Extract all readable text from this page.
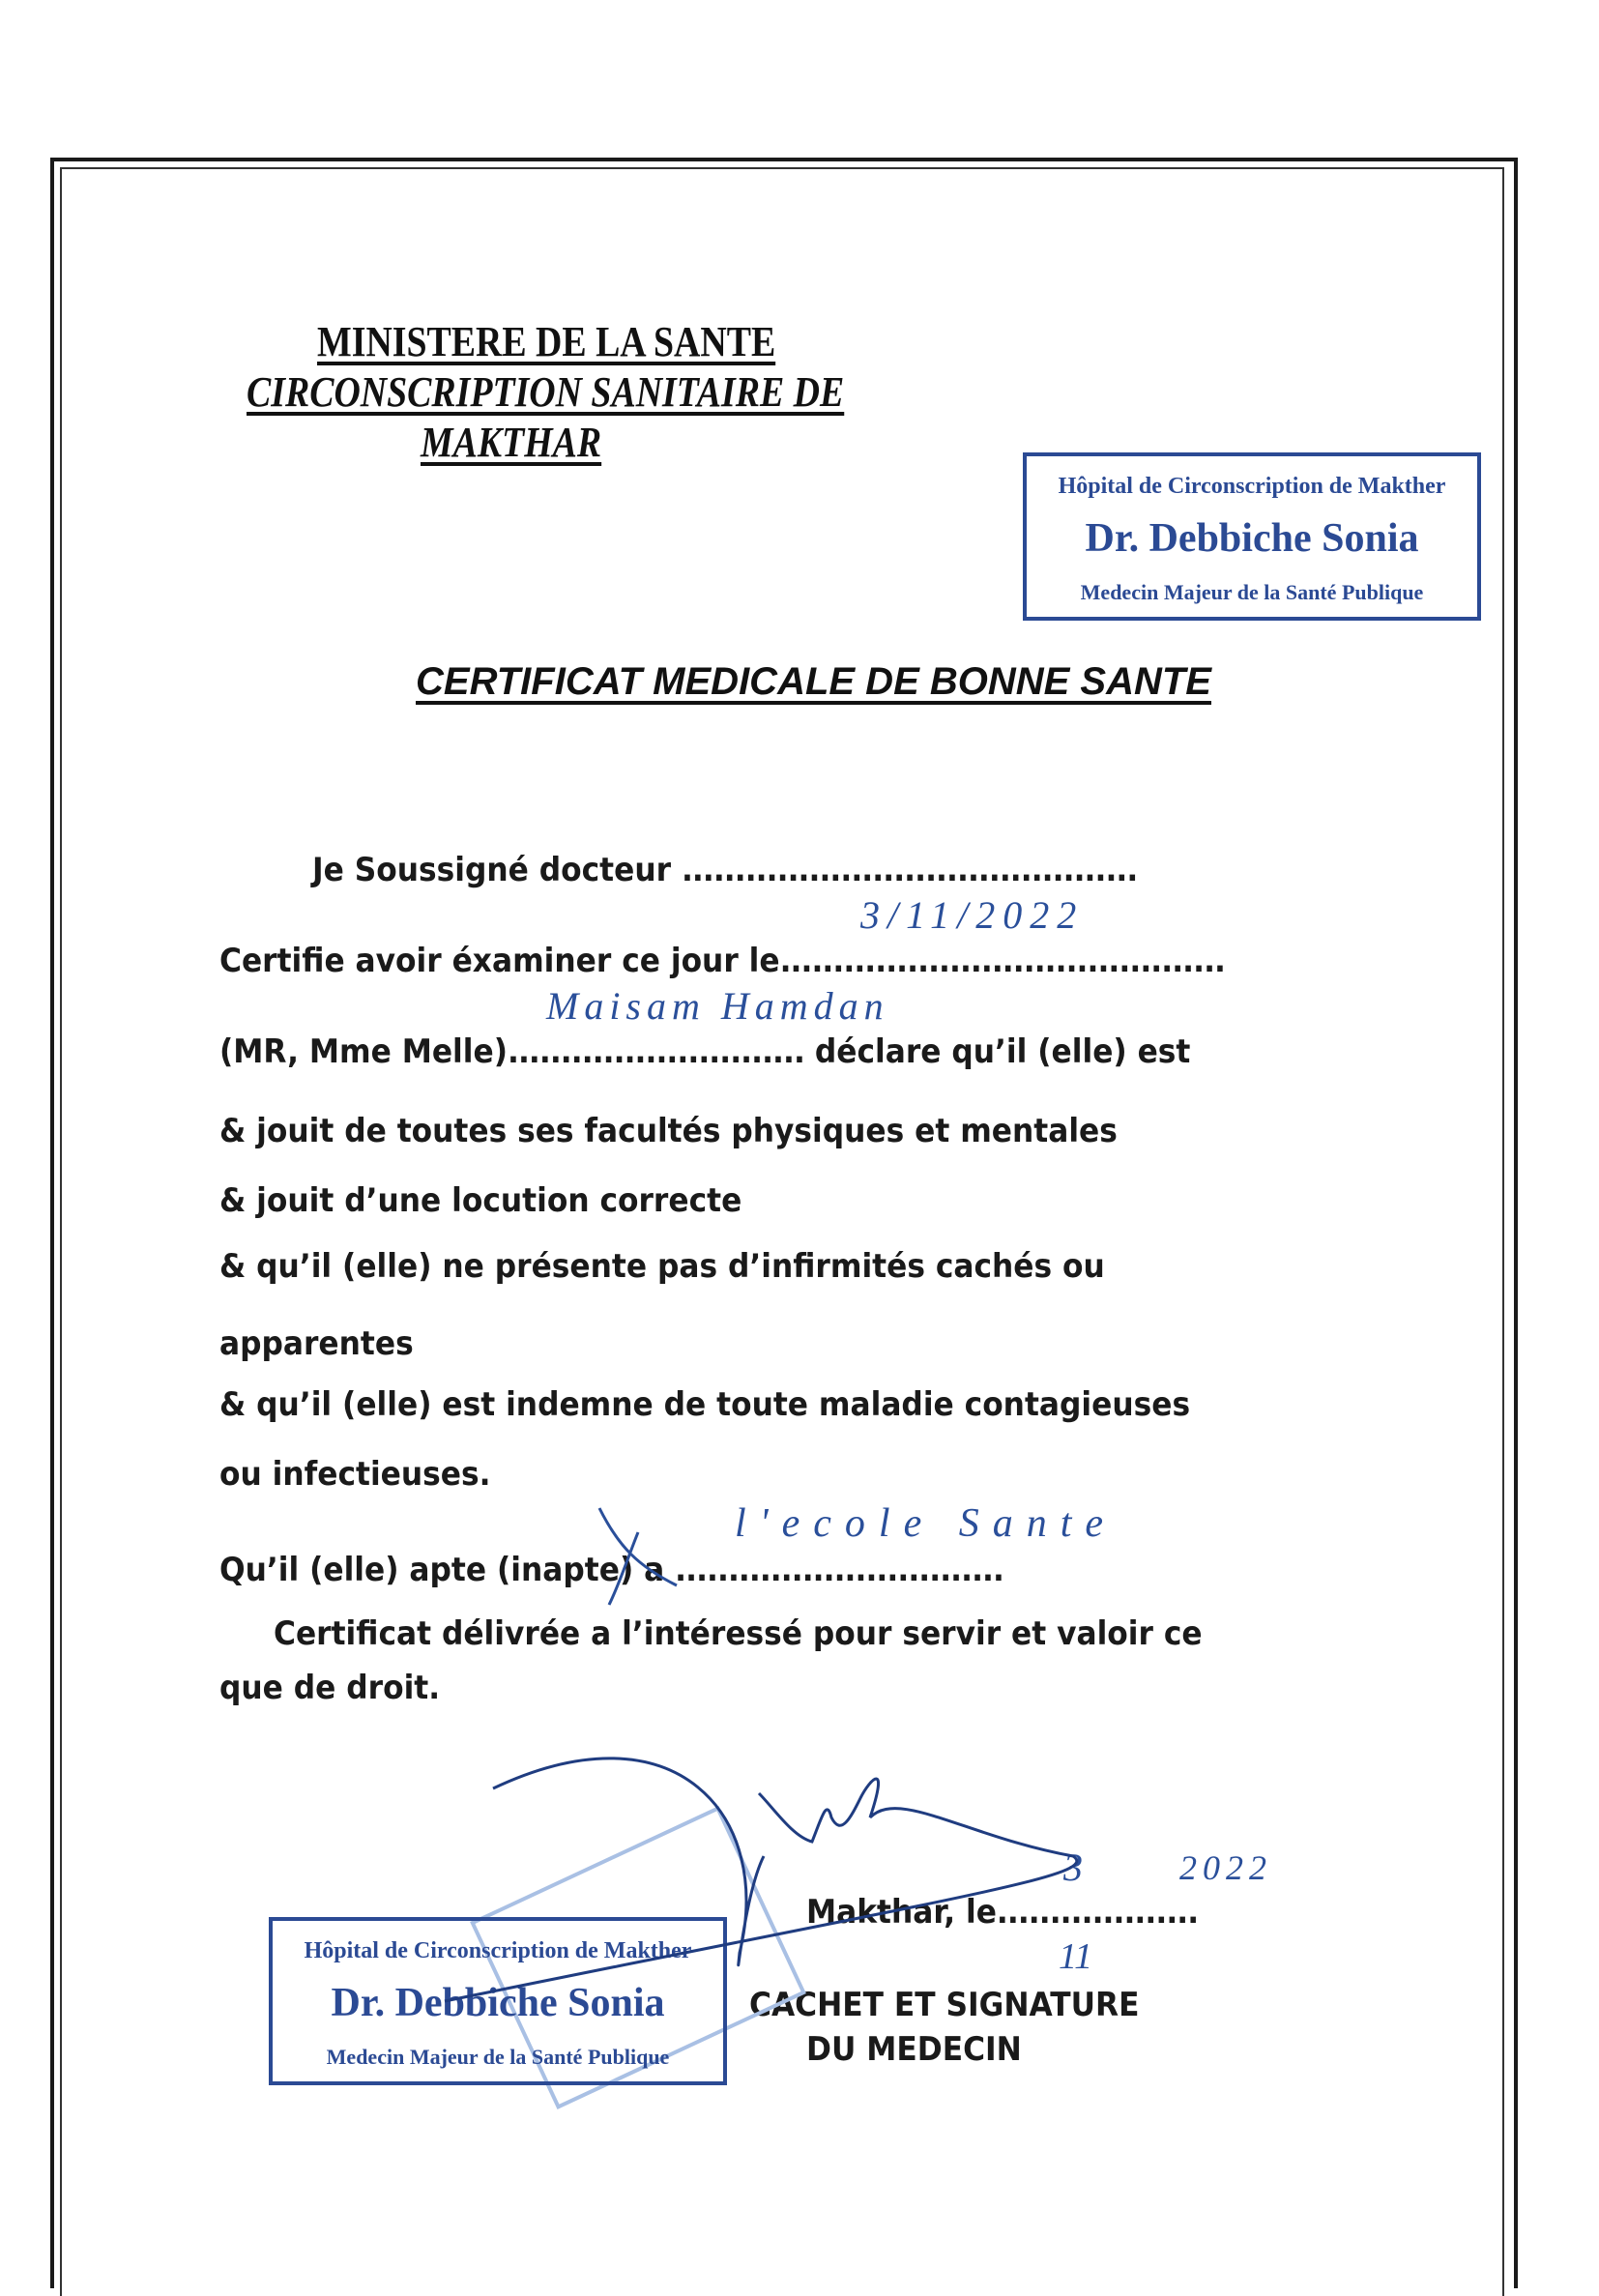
MINISTERE DE LA SANTE
CIRCONSCRIPTION SANITAIRE DE
MAKTHAR
CERTIFICAT MEDICALE DE BONNE SANTE
Je Soussigné docteur ...........................................
Certifie avoir éxaminer ce jour le..........................................
(MR, Mme Melle)............................ déclare qu’il (elle) est
& jouit de toutes ses facultés physiques et mentales
& jouit d’une locution correcte
& qu’il (elle) ne présente pas d’infirmités cachés ou
apparentes
& qu’il (elle) est indemne de toute maladie contagieuses
ou infectieuses.
Qu’il (elle) apte (inapte) a ...............................
Certificat délivrée a l’intéressé pour servir et valoir ce
que de droit.
Makthar, le...................
CACHET ET SIGNATURE
DU MEDECIN
3/11/2022
Maisam Hamdan
l'ecole Sante
3
11
2022
Hôpital de Circonscription de Makther
Dr. Debbiche Sonia
Medecin Majeur de la Santé Publique
Hôpital de Circonscription de Makther
Dr. Debbiche Sonia
Medecin Majeur de la Santé Publique
